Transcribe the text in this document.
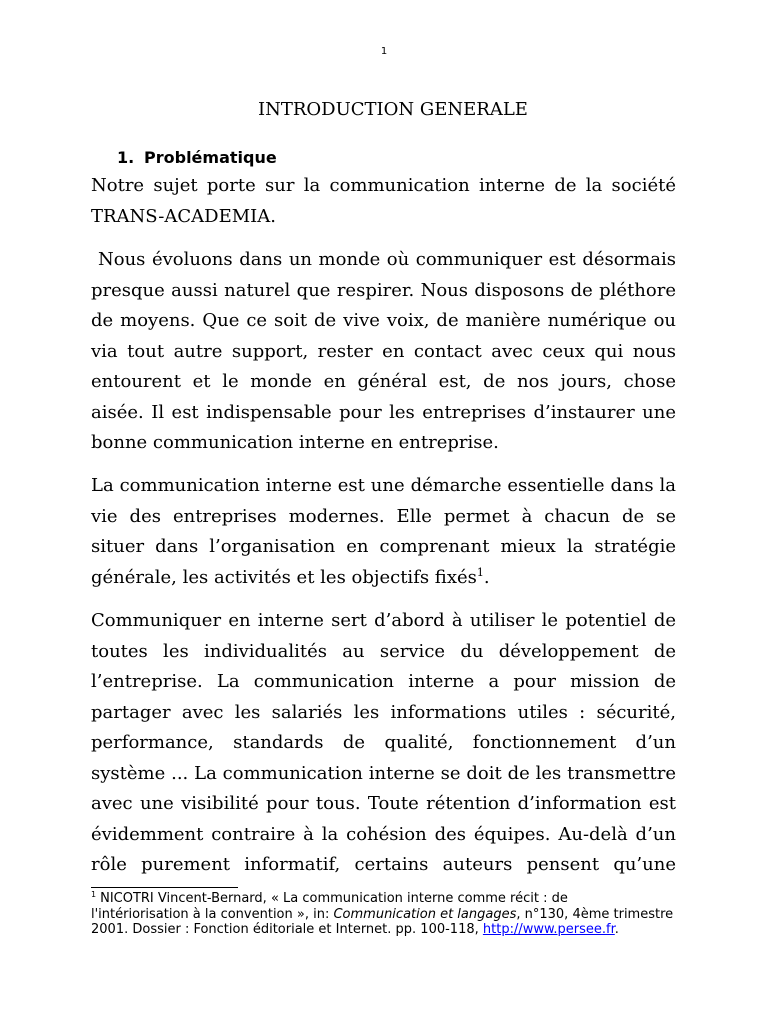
1
INTRODUCTION GENERALE
1. Problématique
Notre sujet porte sur la communication interne de la société
TRANS-ACADEMIA.
Nous évoluons dans un monde où communiquer est désormais
presque aussi naturel que respirer. Nous disposons de pléthore
de moyens. Que ce soit de vive voix, de manière numérique ou
via tout autre support, rester en contact avec ceux qui nous
entourent et le monde en général est, de nos jours, chose
aisée. Il est indispensable pour les entreprises d’instaurer une
bonne communication interne en entreprise.
La communication interne est une démarche essentielle dans la
vie des entreprises modernes. Elle permet à chacun de se
situer dans l’organisation en comprenant mieux la stratégie
générale, les activités et les objectifs fixés$^1$.
Communiquer en interne sert d’abord à utiliser le potentiel de
toutes les individualités au service du développement de
l’entreprise. La communication interne a pour mission de
partager avec les salariés les informations utiles : sécurité,
performance, standards de qualité, fonctionnement d’un
système ... La communication interne se doit de les transmettre
avec une visibilité pour tous. Toute rétention d’information est
évidemment contraire à la cohésion des équipes. Au-delà d’un
rôle purement informatif, certains auteurs pensent qu’une
$^1$ NICOTRI Vincent-Bernard, « La communication interne comme récit : de
l'intériorisation à la convention », in: Communication et langages, n°130, 4ème trimestre
2001. Dossier : Fonction éditoriale et Internet. pp. 100-118, http://www.persee.fr.
